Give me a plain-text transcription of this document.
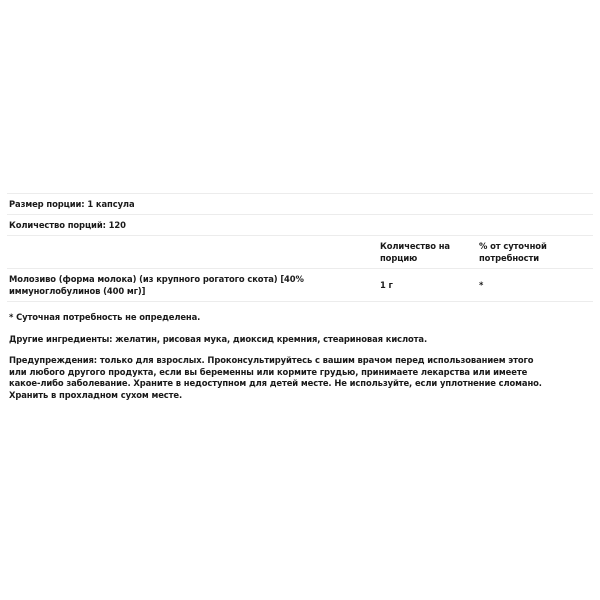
Размер порции: 1 капсула
Количество порций: 120
Количество на порцию
% от суточной потребности
Молозиво (форма молока) (из крупного рогатого скота) [40% иммуноглобулинов (400 мг)]
1 г	*

* Суточная потребность не определена.

Другие ингредиенты: желатин, рисовая мука, диоксид кремния, стеариновая кислота.

Предупреждения: только для взрослых. Проконсультируйтесь с вашим врачом перед использованием этого или любого другого продукта, если вы беременны или кормите грудью, принимаете лекарства или имеете какое-либо заболевание. Храните в недоступном для детей месте. Не используйте, если уплотнение сломано. Хранить в прохладном сухом месте.
